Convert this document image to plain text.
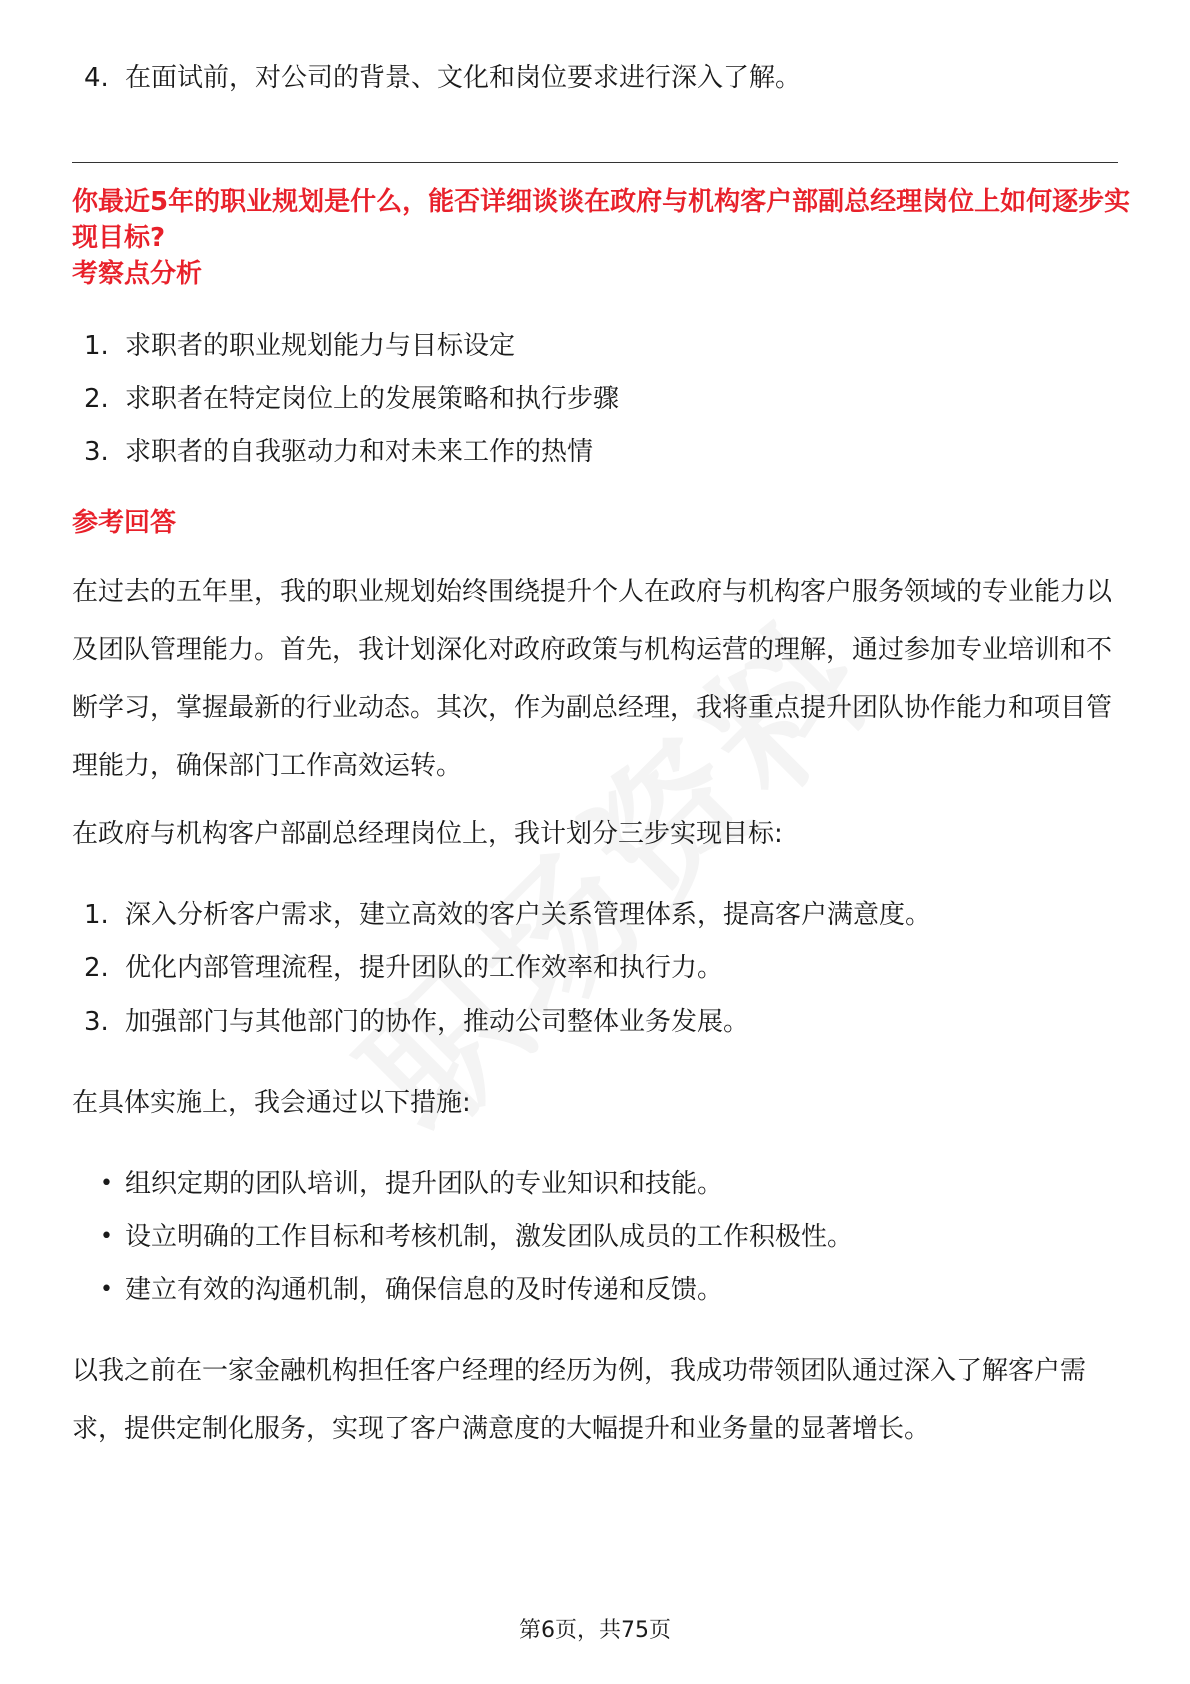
4. 在面试前，对公司的背景、文化和岗位要求进行深入了解。
你最近5年的职业规划是什么，能否详细谈谈在政府与机构客户部副总经理岗位上如何逐步实现目标?
考察点分析
1. 求职者的职业规划能力与目标设定
2. 求职者在特定岗位上的发展策略和执行步骤
3. 求职者的自我驱动力和对未来工作的热情
参考回答
在过去的五年里，我的职业规划始终围绕提升个人在政府与机构客户服务领域的专业能力以及团队管理能力。首先，我计划深化对政府政策与机构运营的理解，通过参加专业培训和不断学习，掌握最新的行业动态。其次，作为副总经理，我将重点提升团队协作能力和项目管理能力，确保部门工作高效运转。
在政府与机构客户部副总经理岗位上，我计划分三步实现目标:
1. 深入分析客户需求，建立高效的客户关系管理体系，提高客户满意度。
2. 优化内部管理流程，提升团队的工作效率和执行力。
3. 加强部门与其他部门的协作，推动公司整体业务发展。
在具体实施上，我会通过以下措施:
• 组织定期的团队培训，提升团队的专业知识和技能。
• 设立明确的工作目标和考核机制，激发团队成员的工作积极性。
• 建立有效的沟通机制，确保信息的及时传递和反馈。
以我之前在一家金融机构担任客户经理的经历为例，我成功带领团队通过深入了解客户需求，提供定制化服务，实现了客户满意度的大幅提升和业务量的显著增长。
第6页，共75页
